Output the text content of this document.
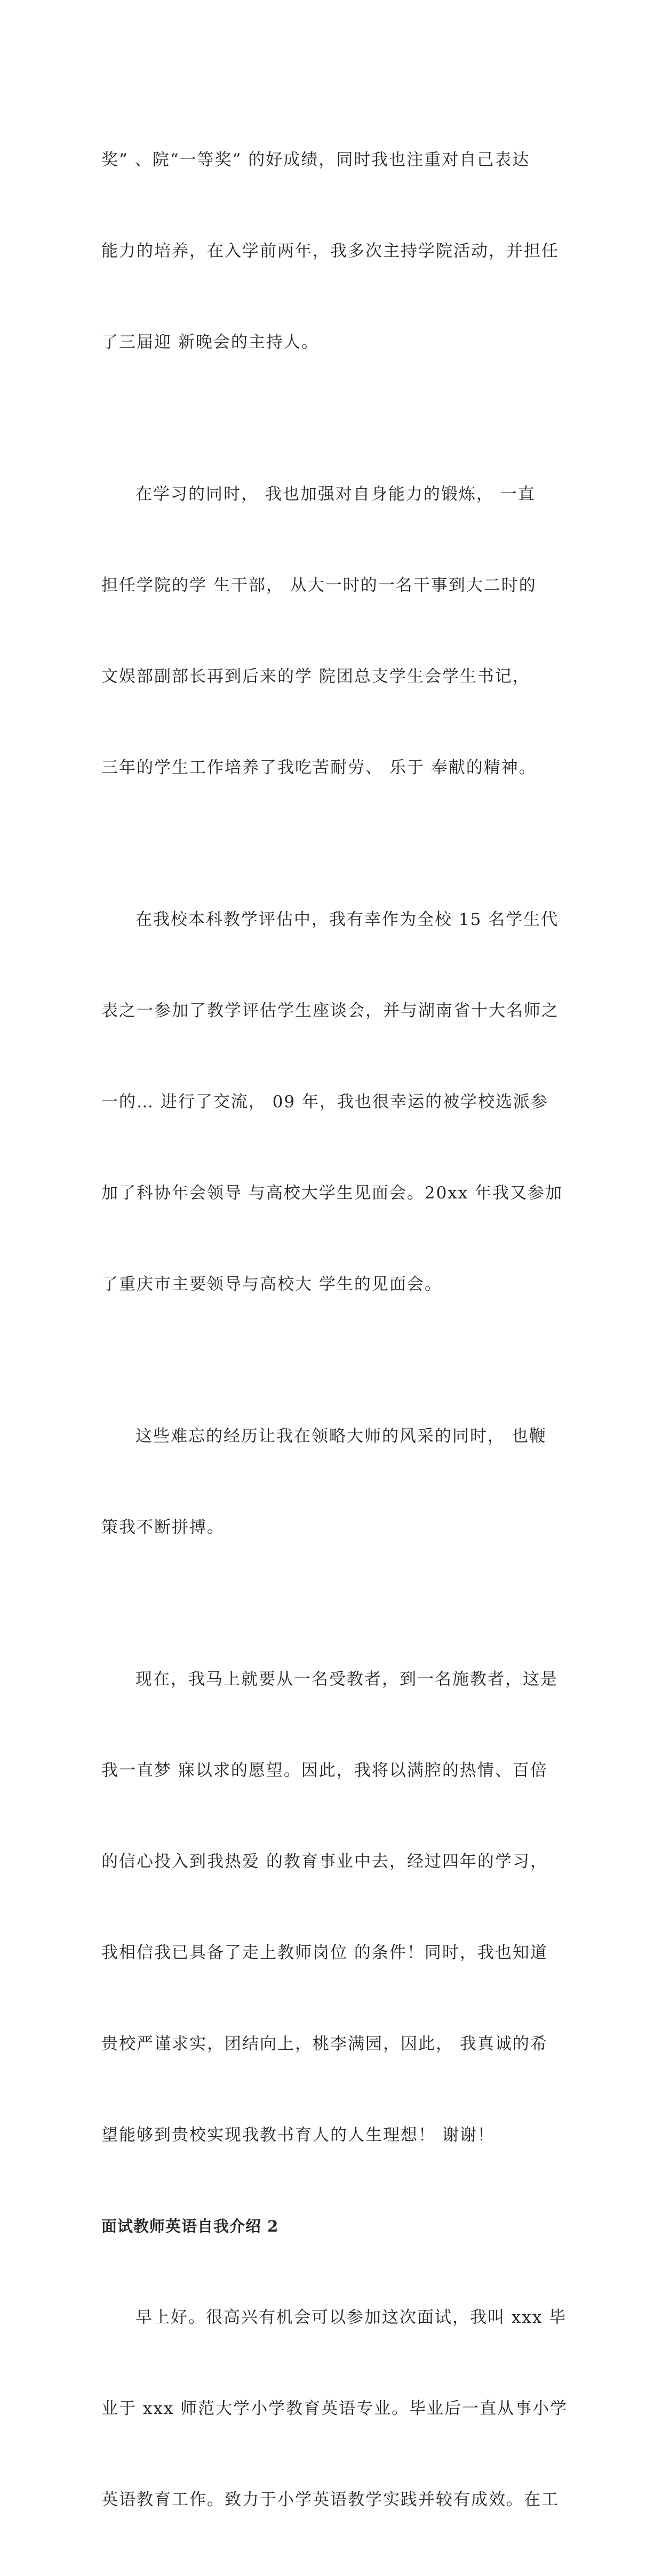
奖” 、院“一等奖” 的好成绩，同时我也注重对自己表达

能力的培养，在入学前两年，我多次主持学院活动，并担任

了三届迎 新晚会的主持人。

在学习的同时， 我也加强对自身能力的锻炼， 一直

担任学院的学 生干部， 从大一时的一名干事到大二时的

文娱部副部长再到后来的学 院团总支学生会学生书记，

三年的学生工作培养了我吃苦耐劳、 乐于 奉献的精神。

在我校本科教学评估中，我有幸作为全校 15 名学生代

表之一参加了教学评估学生座谈会，并与湖南省十大名师之

一的… 进行了交流， 09 年，我也很幸运的被学校选派参

加了科协年会领导 与高校大学生见面会。20xx 年我又参加

了重庆市主要领导与高校大 学生的见面会。

这些难忘的经历让我在领略大师的风采的同时， 也鞭

策我不断拼搏。

现在，我马上就要从一名受教者，到一名施教者，这是

我一直梦 寐以求的愿望。因此，我将以满腔的热情、百倍

的信心投入到我热爱 的教育事业中去，经过四年的学习，

我相信我已具备了走上教师岗位 的条件！同时，我也知道

贵校严谨求实，团结向上，桃李满园，因此， 我真诚的希

望能够到贵校实现我教书育人的人生理想！ 谢谢！

面试教师英语自我介绍 2

早上好。很高兴有机会可以参加这次面试，我叫 xxx 毕

业于 xxx 师范大学小学教育英语专业。毕业后一直从事小学

英语教育工作。致力于小学英语教学实践并较有成效。在工
